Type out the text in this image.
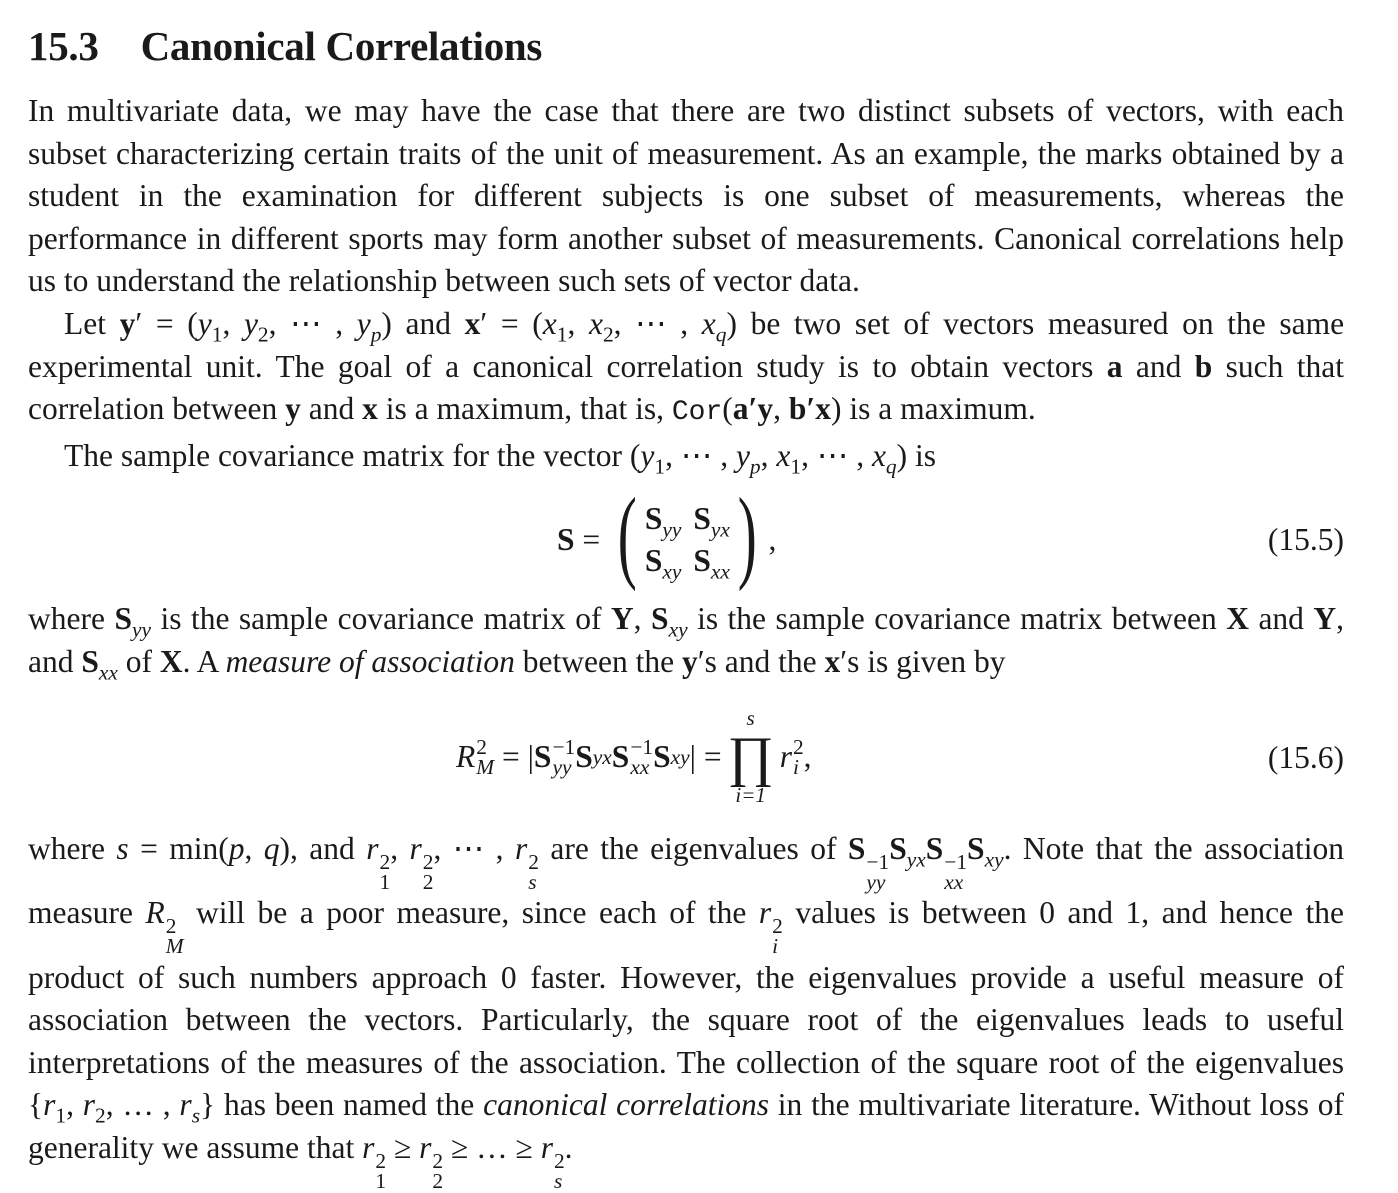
15.3 Canonical Correlations

In multivariate data, we may have the case that there are two distinct subsets of vectors, with each subset characterizing certain traits of the unit of measurement. As an example, the marks obtained by a student in the examination for different subjects is one subset of measurements, whereas the performance in different sports may form another subset of measurements. Canonical correlations help us to understand the relationship between such sets of vector data.
Let $y' = (y_1$, $y_2$, ⋯ , $y_p$) and $x' = (x_1$, $x_2$, ⋯ , $x_q$) be two set of vectors measured on the same experimental unit. The goal of a canonical correlation study is to obtain vectors a and b such that correlation between y and x is a maximum, that is, Cor(a′y, b′x) is a maximum.
The sample covariance matrix for the vector ($y_1$, ⋯ , $y_p$, $x_1$, ⋯ , $x_q$) is

S = ( $S_{yy}$ $S_{yx}$
$S_{xy}$ $S_{xx}$ ) ,	(15.5)

where $S_{yy}$ is the sample covariance matrix of Y, $S_{xy}$ is the sample covariance matrix between X and Y, and $S_{xx}$ of X. A measure of association between the y′s and the x′s is given by

R 2
M = | S −1
yy S yx S −1
xx S xy | =
s
∏
i=1
r 2
i ,	(15.6)

where s = min(p, q), and r 2
1
, r 2
2
, ⋯ , r 2
s
are the eigenvalues of S −1
yy
$S_{yx}S -1$
xx
$S_{xy}$. Note that the association measure R 2
M
will be a poor measure, since each of the r 2
i
values is between 0 and 1, and hence the product of such numbers approach 0 faster. However, the eigenvalues provide a useful measure of association between the vectors. Particularly, the square root of the eigenvalues leads to useful interpretations of the measures of the association. The collection of the square root of the eigenvalues {$r_1$, $r_2$, … , $r_s$} has been named the canonical correlations in the multivariate literature. Without loss of generality we assume that r 2
1
≥ r 2
2
≥ … ≥ r 2
s
.
